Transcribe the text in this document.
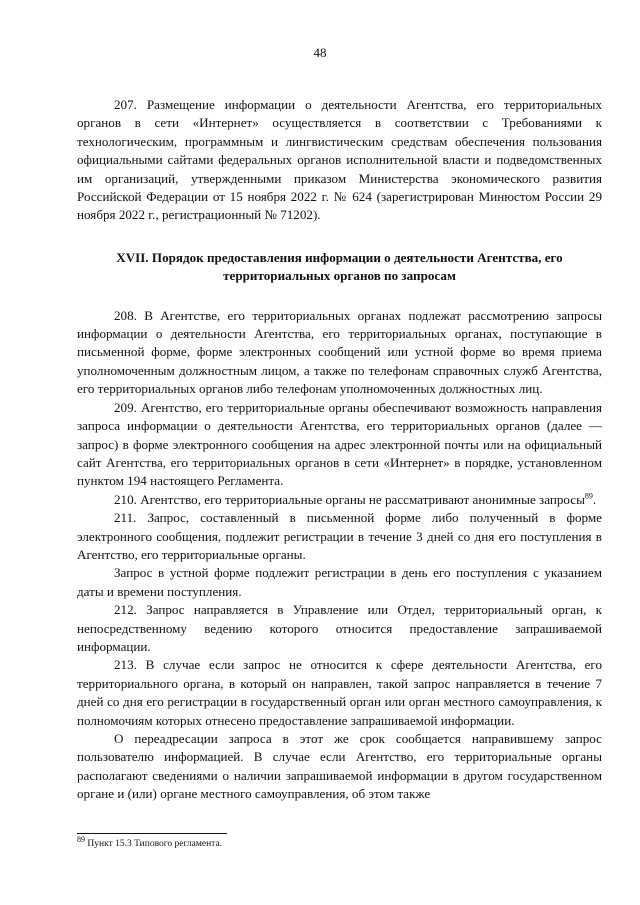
48

207. Размещение информации о деятельности Агентства, его территориальных органов в сети «Интернет» осуществляется в соответствии с Требованиями к технологическим, программным и лингвистическим средствам обеспечения пользования официальными сайтами федеральных органов исполнительной власти и подведомственных им организаций, утвержденными приказом Министерства экономического развития Российской Федерации от 15 ноября 2022 г. № 624 (зарегистрирован Минюстом России 29 ноября 2022 г., регистрационный № 71202).

XVII. Порядок предоставления информации о деятельности Агентства, его территориальных органов по запросам

208. В Агентстве, его территориальных органах подлежат рассмотрению запросы информации о деятельности Агентства, его территориальных органах, поступающие в письменной форме, форме электронных сообщений или устной форме во время приема уполномоченным должностным лицом, а также по телефонам справочных служб Агентства, его территориальных органов либо телефонам уполномоченных должностных лиц.

209. Агентство, его территориальные органы обеспечивают возможность направления запроса информации о деятельности Агентства, его территориальных органов (далее — запрос) в форме электронного сообщения на адрес электронной почты или на официальный сайт Агентства, его территориальных органов в сети «Интернет» в порядке, установленном пунктом 194 настоящего Регламента.

210. Агентство, его территориальные органы не рассматривают анонимные запросы$^{89}$.

211. Запрос, составленный в письменной форме либо полученный в форме электронного сообщения, подлежит регистрации в течение 3 дней со дня его поступления в Агентство, его территориальные органы.

Запрос в устной форме подлежит регистрации в день его поступления с указанием даты и времени поступления.

212. Запрос направляется в Управление или Отдел, территориальный орган, к непосредственному ведению которого относится предоставление запрашиваемой информации.

213. В случае если запрос не относится к сфере деятельности Агентства, его территориального органа, в который он направлен, такой запрос направляется в течение 7 дней со дня его регистрации в государственный орган или орган местного самоуправления, к полномочиям которых отнесено предоставление запрашиваемой информации.

О переадресации запроса в этот же срок сообщается направившему запрос пользователю информацией. В случае если Агентство, его территориальные органы располагают сведениями о наличии запрашиваемой информации в другом государственном органе и (или) органе местного самоуправления, об этом также

$^{89}$ Пункт 15.3 Типового регламента.
